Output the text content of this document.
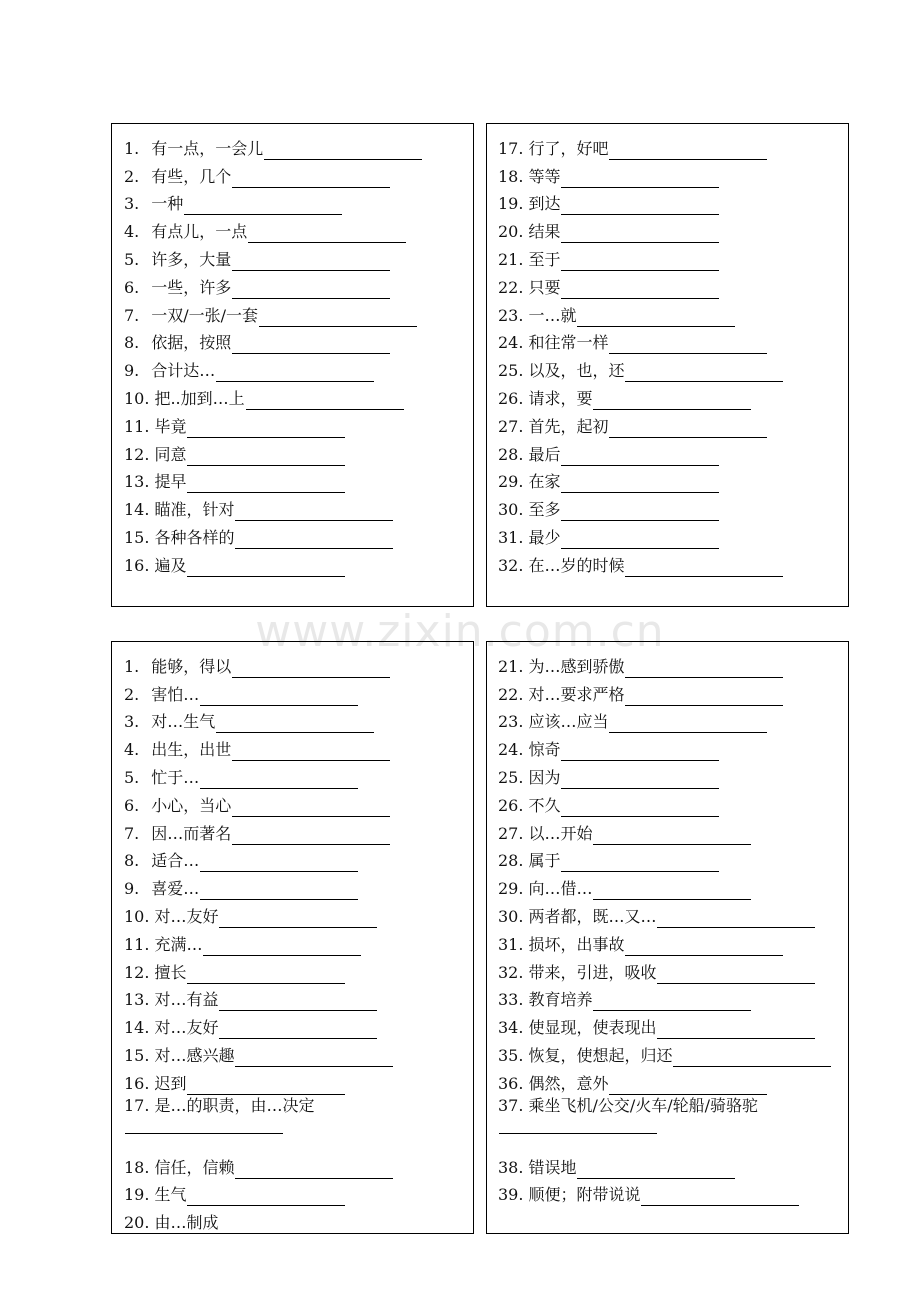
www.zixin.com.cn
1. 有一点，一会儿
2. 有些，几个
3. 一种
4. 有点儿，一点
5. 许多，大量
6. 一些，许多
7. 一双/一张/一套
8. 依据，按照
9. 合计达…
10. 把..加到…上
11. 毕竟
12. 同意
13. 提早
14. 瞄准，针对
15. 各种各样的
16. 遍及
17. 行了，好吧
18. 等等
19. 到达
20. 结果
21. 至于
22. 只要
23. 一…就
24. 和往常一样
25. 以及，也，还
26. 请求，要
27. 首先，起初
28. 最后
29. 在家
30. 至多
31. 最少
32. 在…岁的时候
1. 能够，得以
2. 害怕…
3. 对…生气
4. 出生，出世
5. 忙于…
6. 小心，当心
7. 因…而著名
8. 适合…
9. 喜爱…
10. 对…友好
11. 充满…
12. 擅长
13. 对…有益
14. 对…友好
15. 对…感兴趣
16. 迟到
17. 是…的职责，由…决定
18. 信任，信赖
19. 生气
20. 由…制成
21. 为…感到骄傲
22. 对…要求严格
23. 应该…应当
24. 惊奇
25. 因为
26. 不久
27. 以…开始
28. 属于
29. 向…借…
30. 两者都，既…又…
31. 损坏，出事故
32. 带来，引进，吸收
33. 教育培养
34. 使显现，使表现出
35. 恢复，使想起，归还
36. 偶然，意外
37. 乘坐飞机/公交/火车/轮船/骑骆驼
38. 错误地
39. 顺便；附带说说
